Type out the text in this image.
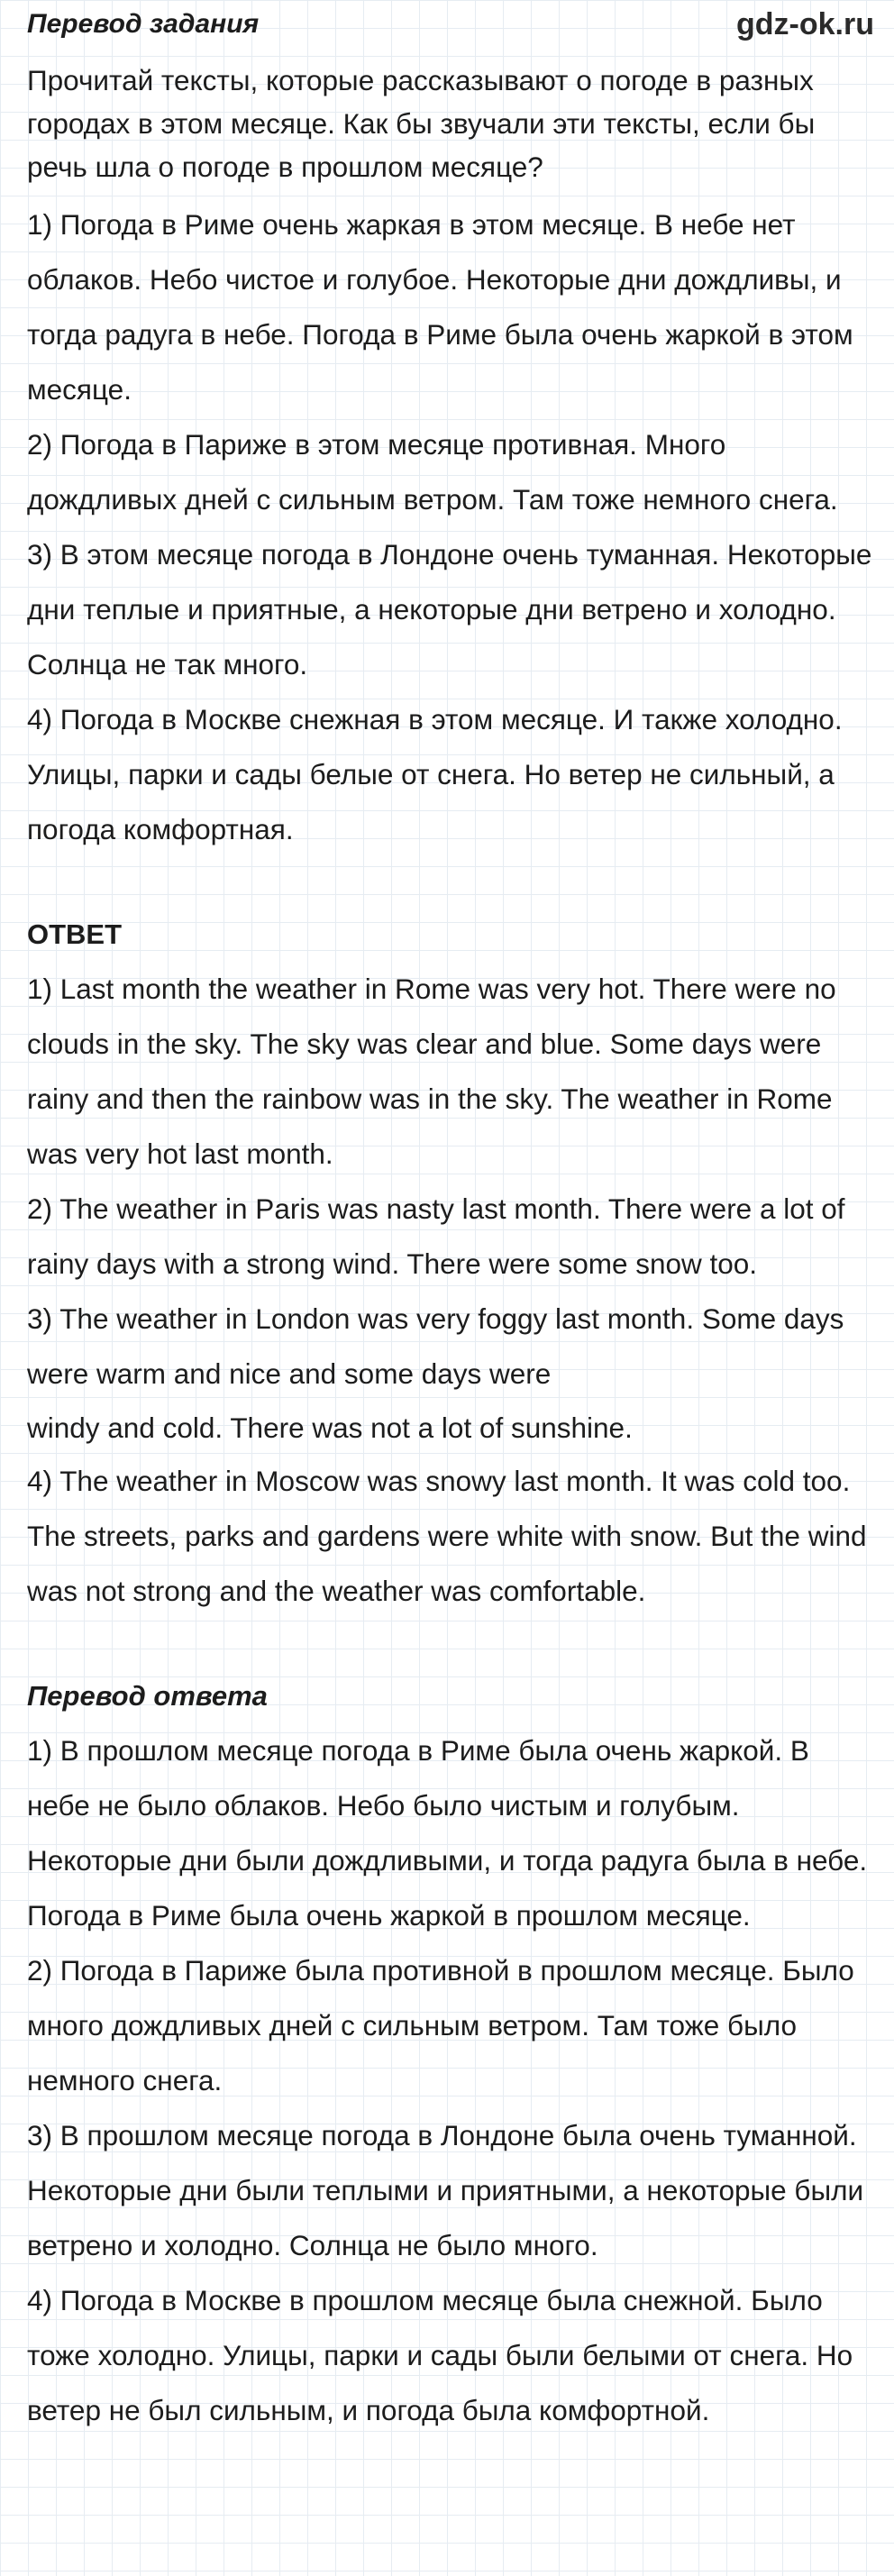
Перевод задания	gdz-ok.ru

Прочитай тексты, которые рассказывают о погоде в разных городах в этом месяце. Как бы звучали эти тексты, если бы речь шла о погоде в прошлом месяце?

1) Погода в Риме очень жаркая в этом месяце. В небе нет облаков. Небо чистое и голубое. Некоторые дни дождливы, и тогда радуга в небе. Погода в Риме была очень жаркой в этом месяце.

2) Погода в Париже в этом месяце противная. Много дождливых дней с сильным ветром. Там тоже немного снега.

3) В этом месяце погода в Лондоне очень туманная. Некоторые дни теплые и приятные, а некоторые дни ветрено и холодно. Солнца не так много.

4) Погода в Москве снежная в этом месяце. И также холодно. Улицы, парки и сады белые от снега. Но ветер не сильный, а погода комфортная.

ОТВЕТ

1) Last month the weather in Rome was very hot. There were no clouds in the sky. The sky was clear and blue. Some days were rainy and then the rainbow was in the sky. The weather in Rome was very hot last month.

2) The weather in Paris was nasty last month. There were a lot of rainy days with a strong wind. There were some snow too.

3) The weather in London was very foggy last month. Some days were warm and nice and some days were

windy and cold. There was not a lot of sunshine.

4) The weather in Moscow was snowy last month. It was cold too. The streets, parks and gardens were white with snow. But the wind was not strong and the weather was comfortable.

Перевод ответа

1) В прошлом месяце погода в Риме была очень жаркой. В небе не было облаков. Небо было чистым и голубым. Некоторые дни были дождливыми, и тогда радуга была в небе. Погода в Риме была очень жаркой в прошлом месяце.

2) Погода в Париже была противной в прошлом месяце. Было много дождливых дней с сильным ветром. Там тоже было немного снега.

3) В прошлом месяце погода в Лондоне была очень туманной. Некоторые дни были теплыми и приятными, а некоторые были ветрено и холодно. Солнца не было много.

4) Погода в Москве в прошлом месяце была снежной. Было тоже холодно. Улицы, парки и сады были белыми от снега. Но ветер не был сильным, и погода была комфортной.
